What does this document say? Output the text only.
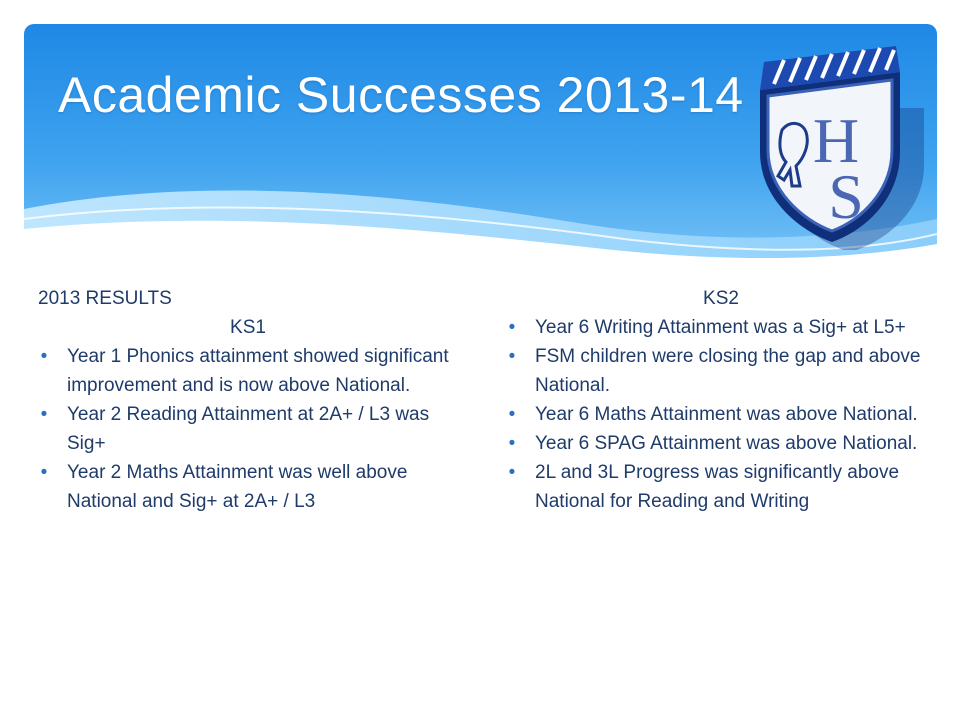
Academic Successes 2013-14
H
S
2013 RESULTS
KS1
• Year 1 Phonics attainment showed significant improvement and is now above National.
• Year 2 Reading Attainment at 2A+ / L3 was Sig+
• Year 2 Maths Attainment was well above National and Sig+ at 2A+ / L3
KS2
• Year 6 Writing Attainment was a Sig+ at L5+
• FSM children were closing the gap and above National.
• Year 6 Maths Attainment was above National.
• Year 6 SPAG Attainment was above National.
• 2L and 3L Progress was significantly above National for Reading and Writing
